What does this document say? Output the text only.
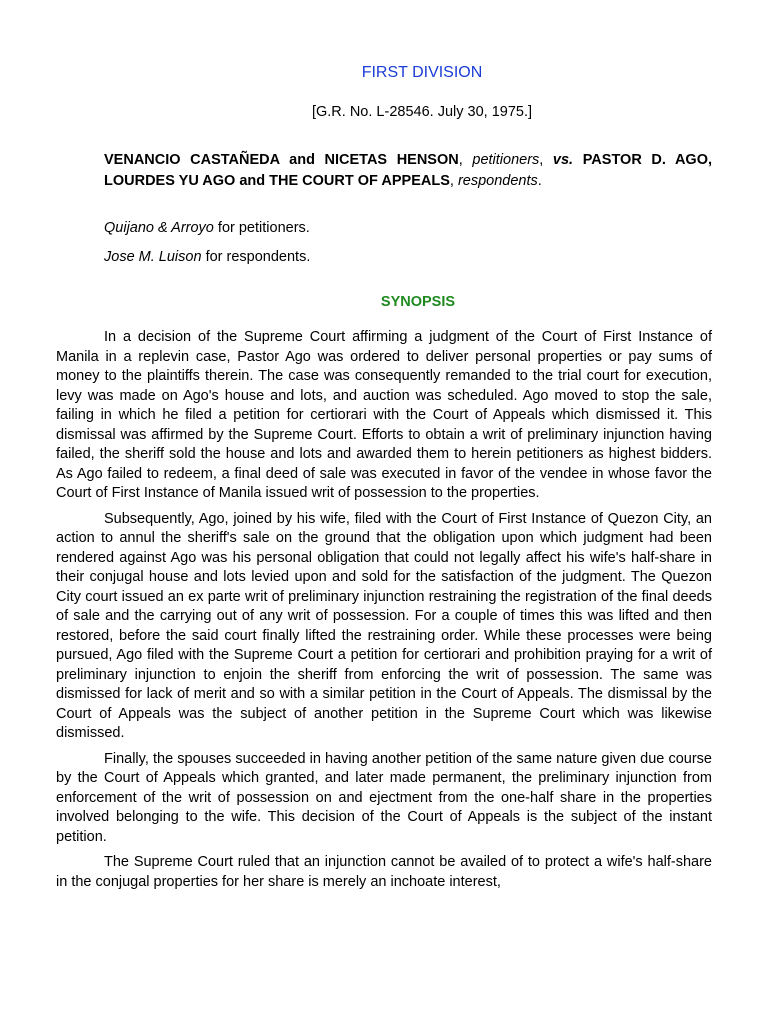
FIRST DIVISION
[G.R. No. L-28546. July 30, 1975.]
VENANCIO CASTAÑEDA and NICETAS HENSON, petitioners, vs. PASTOR D. AGO, LOURDES YU AGO and THE COURT OF APPEALS, respondents.
Quijano & Arroyo for petitioners.
Jose M. Luison for respondents.
SYNOPSIS

In a decision of the Supreme Court affirming a judgment of the Court of First Instance of Manila in a replevin case, Pastor Ago was ordered to deliver personal properties or pay sums of money to the plaintiffs therein. The case was consequently remanded to the trial court for execution, levy was made on Ago's house and lots, and auction was scheduled. Ago moved to stop the sale, failing in which he filed a petition for certiorari with the Court of Appeals which dismissed it. This dismissal was affirmed by the Supreme Court. Efforts to obtain a writ of preliminary injunction having failed, the sheriff sold the house and lots and awarded them to herein petitioners as highest bidders. As Ago failed to redeem, a final deed of sale was executed in favor of the vendee in whose favor the Court of First Instance of Manila issued writ of possession to the properties.

Subsequently, Ago, joined by his wife, filed with the Court of First Instance of Quezon City, an action to annul the sheriff's sale on the ground that the obligation upon which judgment had been rendered against Ago was his personal obligation that could not legally affect his wife's half-share in their conjugal house and lots levied upon and sold for the satisfaction of the judgment. The Quezon City court issued an ex parte writ of preliminary injunction restraining the registration of the final deeds of sale and the carrying out of any writ of possession. For a couple of times this was lifted and then restored, before the said court finally lifted the restraining order. While these processes were being pursued, Ago filed with the Supreme Court a petition for certiorari and prohibition praying for a writ of preliminary injunction to enjoin the sheriff from enforcing the writ of possession. The same was dismissed for lack of merit and so with a similar petition in the Court of Appeals. The dismissal by the Court of Appeals was the subject of another petition in the Supreme Court which was likewise dismissed.

Finally, the spouses succeeded in having another petition of the same nature given due course by the Court of Appeals which granted, and later made permanent, the preliminary injunction from enforcement of the writ of possession on and ejectment from the one-half share in the properties involved belonging to the wife. This decision of the Court of Appeals is the subject of the instant petition.

The Supreme Court ruled that an injunction cannot be availed of to protect a wife's half-share in the conjugal properties for her share is merely an inchoate interest,
